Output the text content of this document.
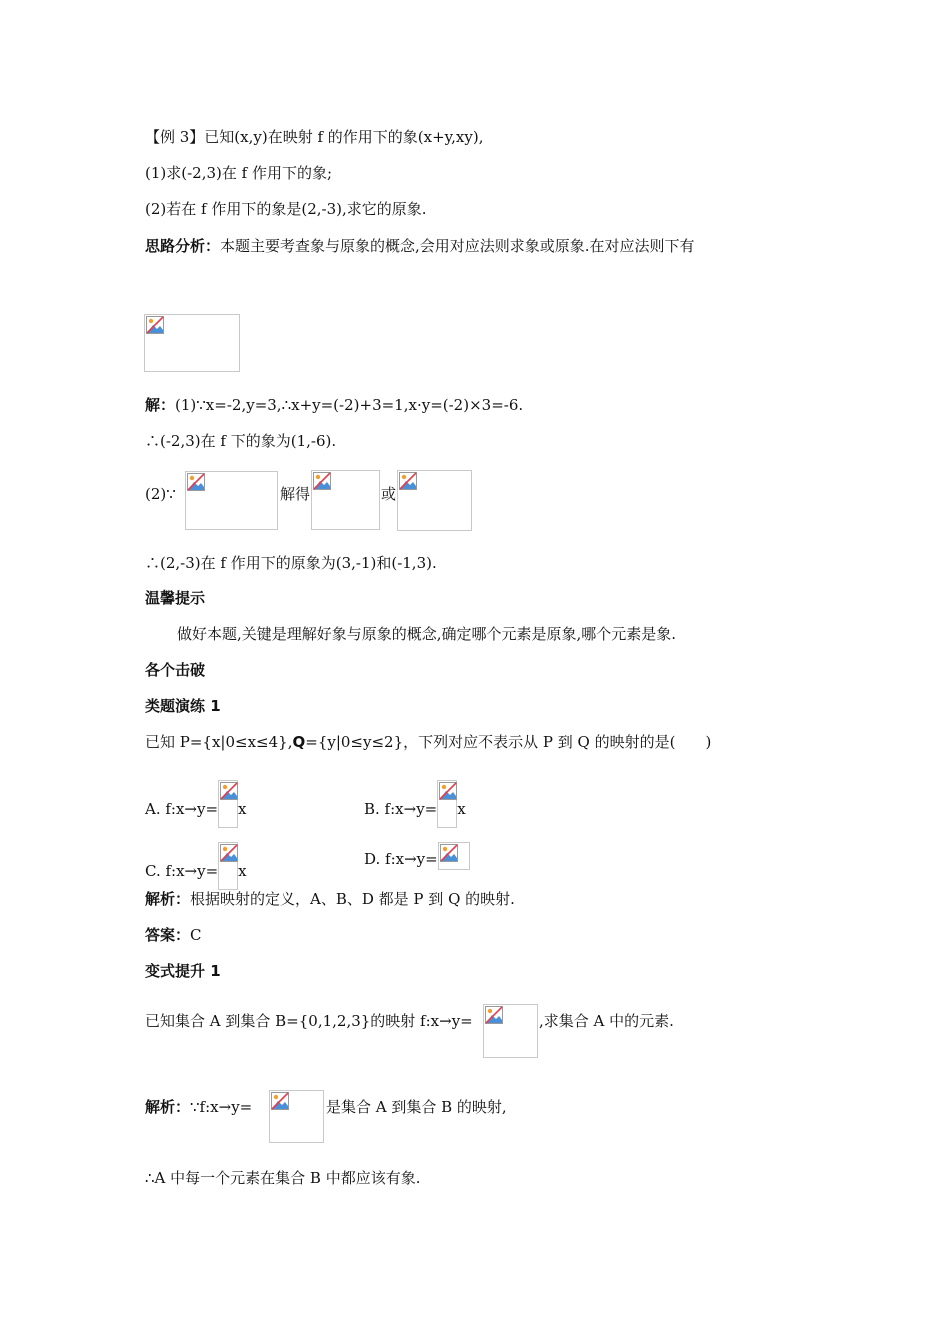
【例 3】已知(x,y)在映射 f 的作用下的象(x+y,xy),
(1)求(-2,3)在 f 作用下的象;
(2)若在 f 作用下的象是(2,-3),求它的原象.
思路分析：本题主要考查象与原象的概念,会用对应法则求象或原象.在对应法则下有
解：(1)∵x=-2,y=3,∴x+y=(-2)+3=1,x·y=(-2)×3=-6.
∴(-2,3)在 f 下的象为(1,-6).
(2)∵	解得	或
∴(2,-3)在 f 作用下的原象为(3,-1)和(-1,3).
温馨提示
做好本题,关键是理解好象与原象的概念,确定哪个元素是原象,哪个元素是象.
各个击破
类题演练 1
已知 P={x|0≤x≤4},Q={y|0≤y≤2}，下列对应不表示从 P 到 Q 的映射的是(　　)
A. f:x→y= x	B. f:x→y= x
C. f:x→y= x
D. f:x→y=
解析：根据映射的定义，A、B、D 都是 P 到 Q 的映射.
答案：C
变式提升 1
已知集合 A 到集合 B={0,1,2,3}的映射 f:x→y=	,求集合 A 中的元素.
解析：∵f:x→y=	是集合 A 到集合 B 的映射,
∴A 中每一个元素在集合 B 中都应该有象.
